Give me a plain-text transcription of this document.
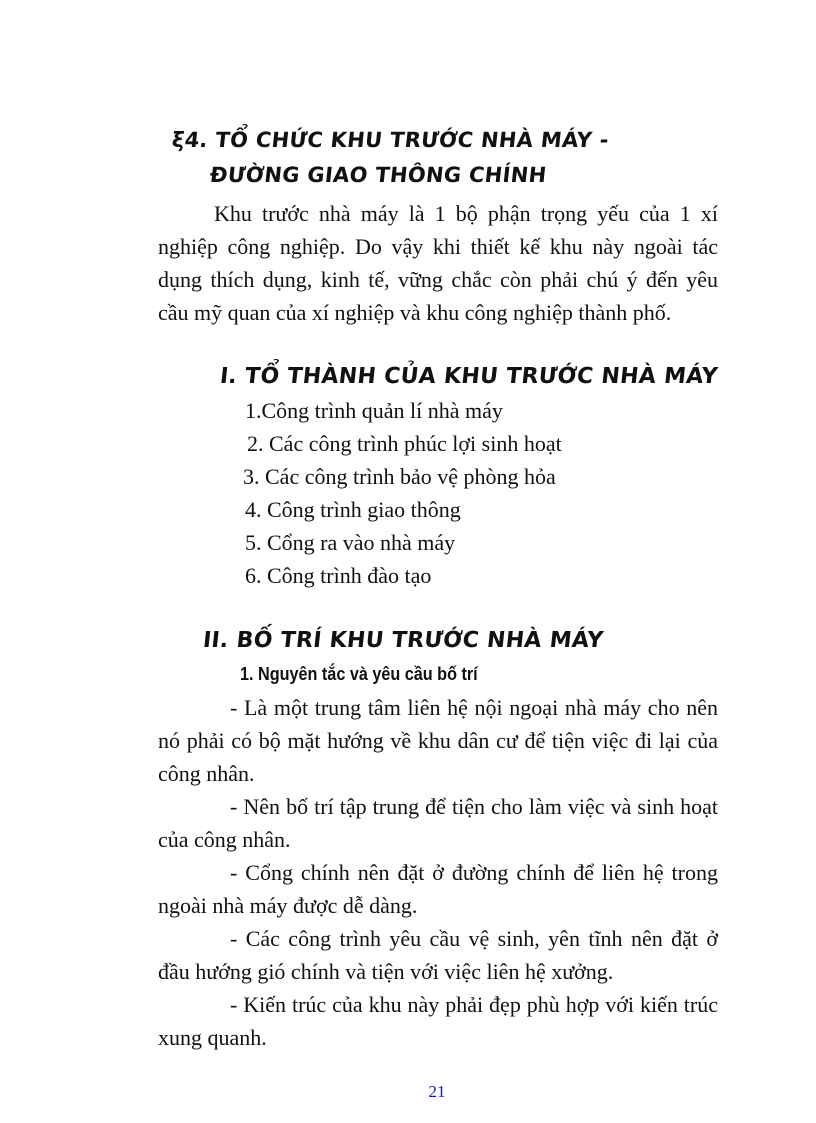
ξ4. TỔ CHỨC KHU TRƯỚC NHÀ MÁY -
ĐƯỜNG GIAO THÔNG CHÍNH

Khu trước nhà máy là 1 bộ phận trọng yếu của 1 xí nghiệp công nghiệp. Do vậy khi thiết kế khu này ngoài tác dụng thích dụng, kinh tế, vững chắc còn phải chú ý đến yêu cầu mỹ quan của xí nghiệp và khu công nghiệp thành phố.

I. TỔ THÀNH CỦA KHU TRƯỚC NHÀ MÁY
1.Công trình quản lí nhà máy
2. Các công trình phúc lợi sinh hoạt
3. Các công trình bảo vệ phòng hỏa
4. Công trình giao thông
5. Cổng ra vào nhà máy
6. Công trình đào tạo
II. BỐ TRÍ KHU TRƯỚC NHÀ MÁY
1. Nguyên tắc và yêu cầu bố trí

- Là một trung tâm liên hệ nội ngoại nhà máy cho nên nó phải có bộ mặt hướng về khu dân cư để tiện việc đi lại của công nhân.

- Nên bố trí tập trung để tiện cho làm việc và sinh hoạt của công nhân.

- Cổng chính nên đặt ở đường chính để liên hệ trong ngoài nhà máy được dễ dàng.

- Các công trình yêu cầu vệ sinh, yên tĩnh nên đặt ở đầu hướng gió chính và tiện với việc liên hệ xưởng.

- Kiến trúc của khu này phải đẹp phù hợp với kiến trúc xung quanh.

21
